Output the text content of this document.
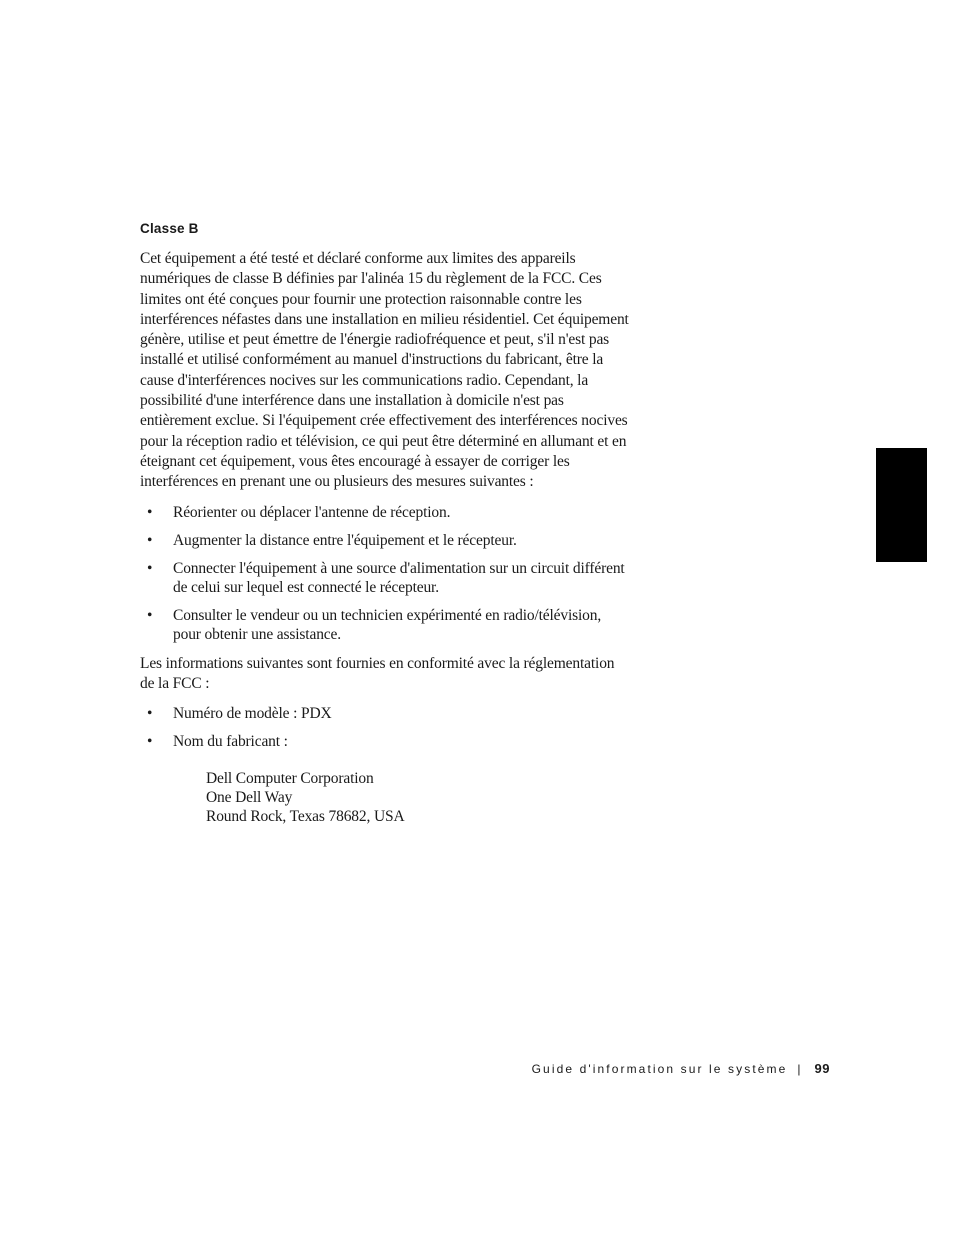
Classe B

Cet équipement a été testé et déclaré conforme aux limites des appareils numériques de classe B définies par l'alinéa 15 du règlement de la FCC. Ces limites ont été conçues pour fournir une protection raisonnable contre les interférences néfastes dans une installation en milieu résidentiel. Cet équipement génère, utilise et peut émettre de l'énergie radiofréquence et peut, s'il n'est pas installé et utilisé conformément au manuel d'instructions du fabricant, être la cause d'interférences nocives sur les communications radio. Cependant, la possibilité d'une interférence dans une installation à domicile n'est pas entièrement exclue. Si l'équipement crée effectivement des interférences nocives pour la réception radio et télévision, ce qui peut être déterminé en allumant et en éteignant cet équipement, vous êtes encouragé à essayer de corriger les interférences en prenant une ou plusieurs des mesures suivantes :

• Réorienter ou déplacer l'antenne de réception.
• Augmenter la distance entre l'équipement et le récepteur.
• Connecter l'équipement à une source d'alimentation sur un circuit différent de celui sur lequel est connecté le récepteur.
• Consulter le vendeur ou un technicien expérimenté en radio/télévision, pour obtenir une assistance.

Les informations suivantes sont fournies en conformité avec la réglementation de la FCC :

• Numéro de modèle : PDX
• Nom du fabricant :
Dell Computer Corporation
One Dell Way
Round Rock, Texas 78682, USA
Guide d'information sur le système | 99
